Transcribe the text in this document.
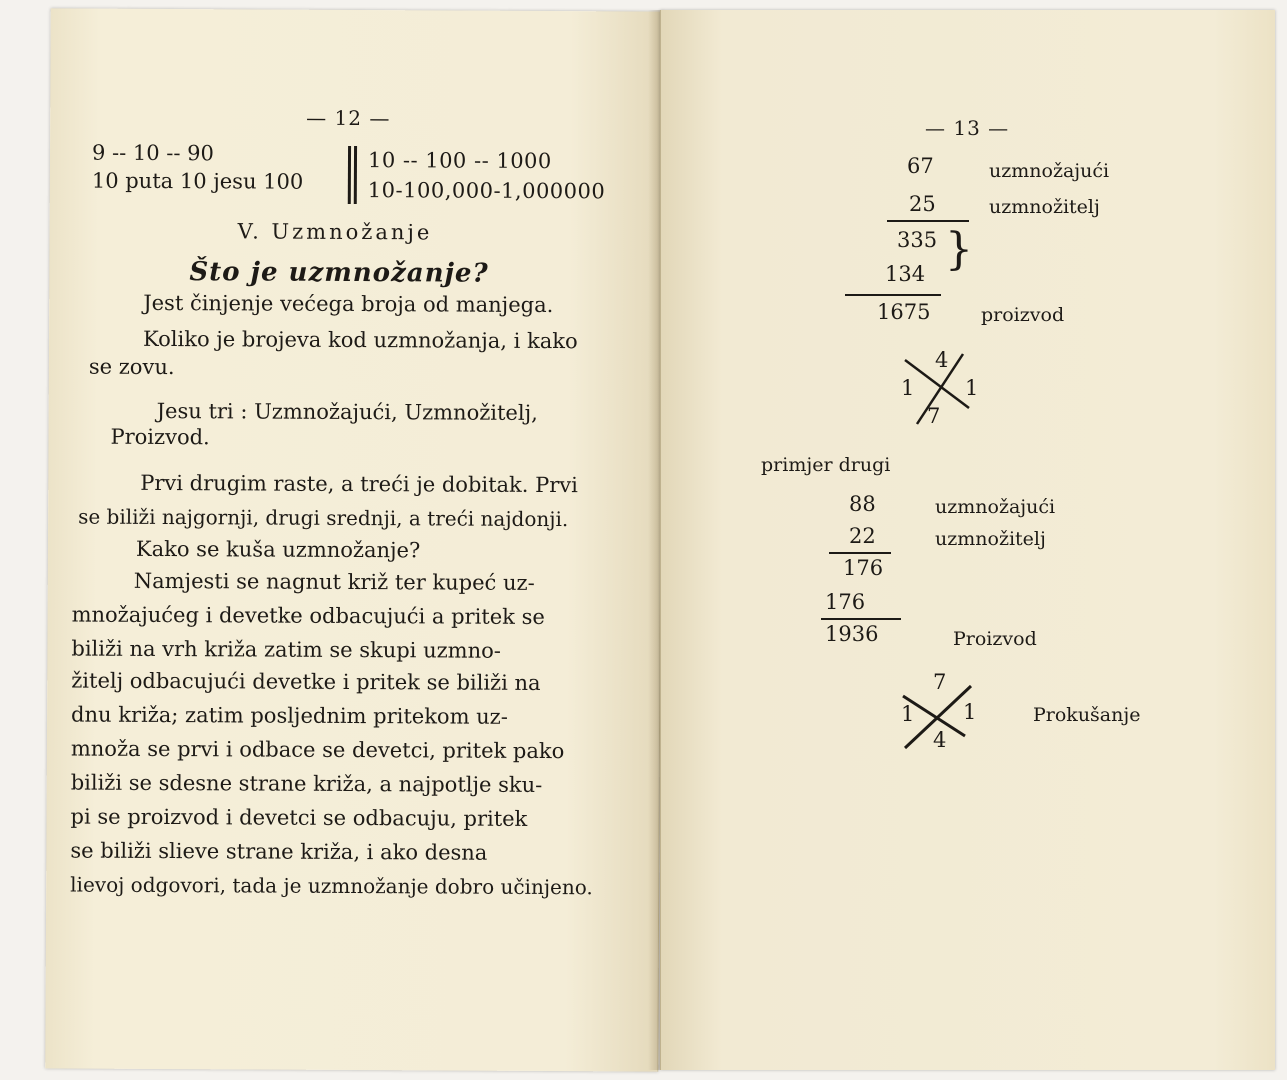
— 12 —
9 -- 10 -- 90	10 -- 100 -- 1000
10 puta 10 jesu 100	10-100,000-1,000000
V. Uzmnožanje
Što je uzmnožanje?
Jest činjenje većega broja od manjega.
Koliko je brojeva kod uzmnožanja, i kako
se zovu.
Jesu tri : Uzmnožajući, Uzmnožitelj,
Proizvod.
Prvi drugim raste, a treći je dobitak. Prvi
se biliži najgornji, drugi srednji, a treći najdonji.
Kako se kuša uzmnožanje?
Namjesti se nagnut križ ter kupeć uz-
množajućeg i devetke odbacujući a pritek se
biliži na vrh križa zatim se skupi uzmno-
žitelj odbacujući devetke i pritek se biliži na
dnu križa; zatim posljednim pritekom uz-
množa se prvi i odbace se devetci, pritek pako
biliži se sdesne strane križa, a najpotlje sku-
pi se proizvod i devetci se odbacuju, pritek
se biliži slieve strane križa, i ako desna
lievoj odgovori, tada je uzmnožanje dobro učinjeno.
— 13 —
67	uzmnožajući
25	uzmnožitelj
335
134 }
1675	proizvod
4
1 1
7
primjer drugi
88	uzmnožajući
22	uzmnožitelj
176
176
1936	Proizvod
7
1 1
4
Prokušanje
